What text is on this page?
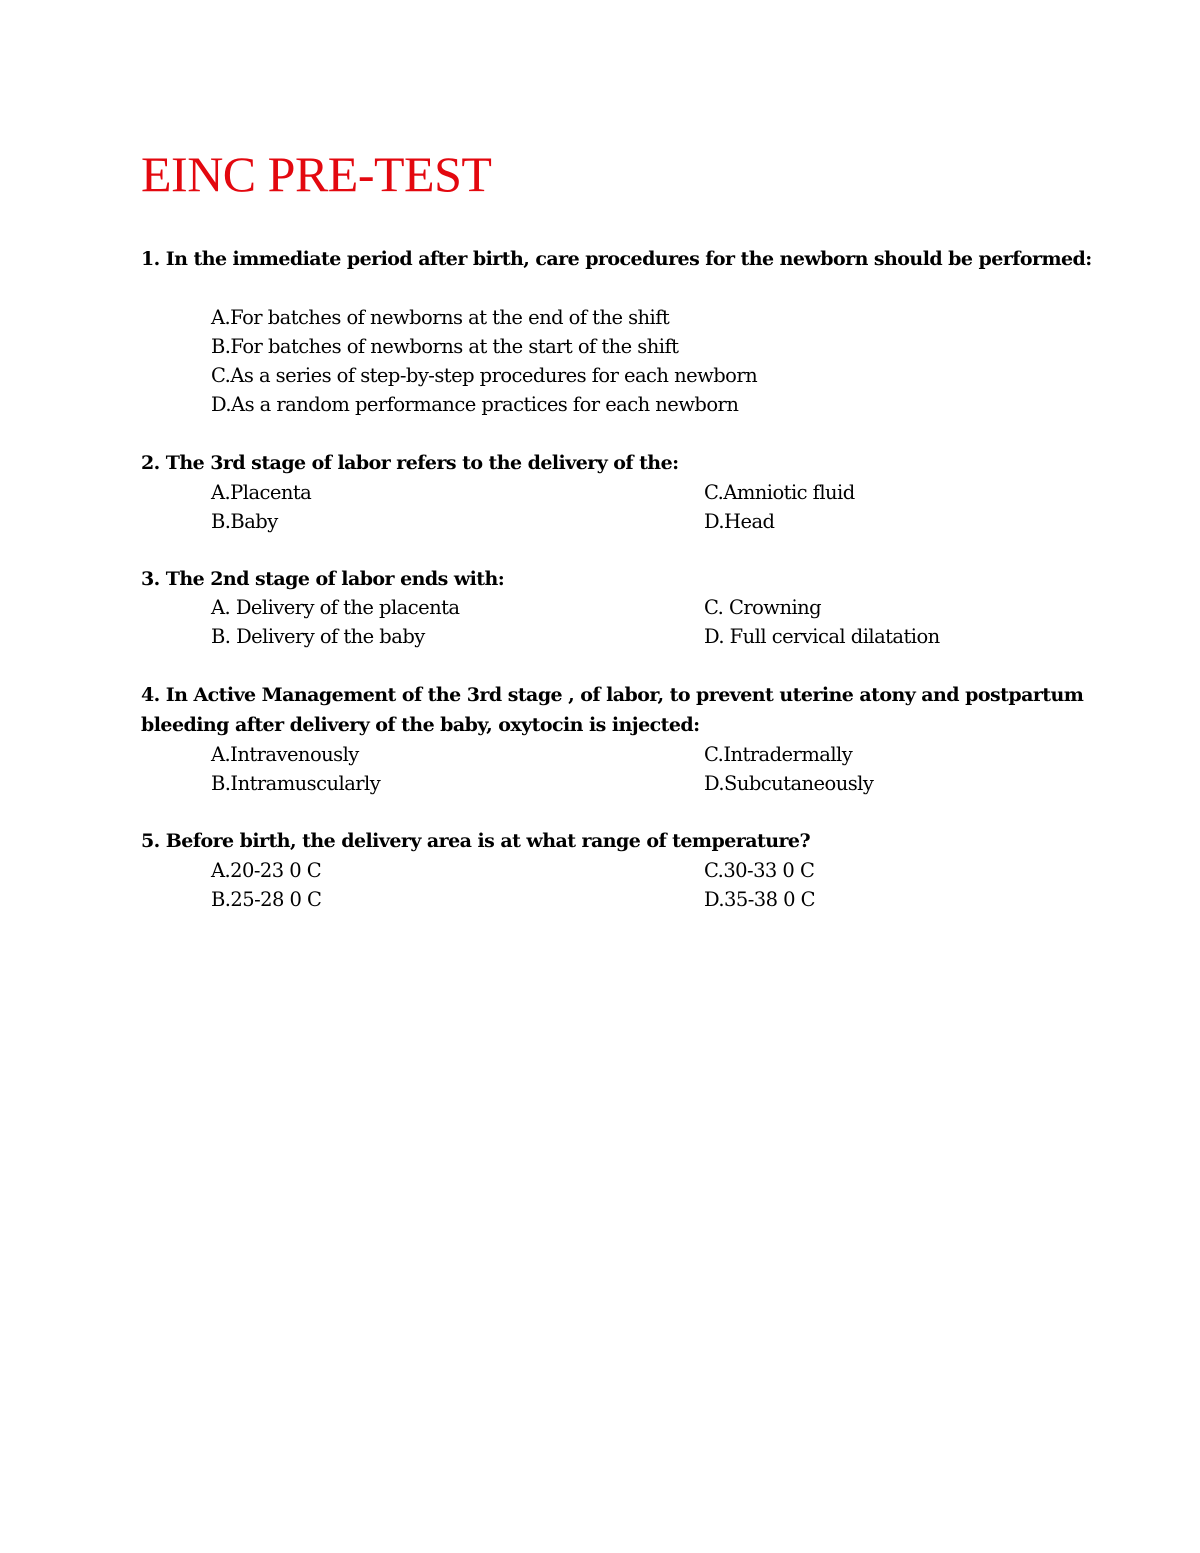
EINC PRE-TEST
1. In the immediate period after birth, care procedures for the newborn should be performed:
A.For batches of newborns at the end of the shift
B.For batches of newborns at the start of the shift
C.As a series of step-by-step procedures for each newborn
D.As a random performance practices for each newborn
2. The 3rd stage of labor refers to the delivery of the:
A.Placenta
B.Baby
C.Amniotic fluid
D.Head
3. The 2nd stage of labor ends with:
A. Delivery of the placenta
B. Delivery of the baby
C. Crowning
D. Full cervical dilatation
4. In Active Management of the 3rd stage , of labor, to prevent uterine atony and postpartum bleeding after delivery of the baby, oxytocin is injected:
A.Intravenously
B.Intramuscularly
C.Intradermally
D.Subcutaneously
5. Before birth, the delivery area is at what range of temperature?
A.20-23 0 C
B.25-28 0 C
C.30-33 0 C
D.35-38 0 C
